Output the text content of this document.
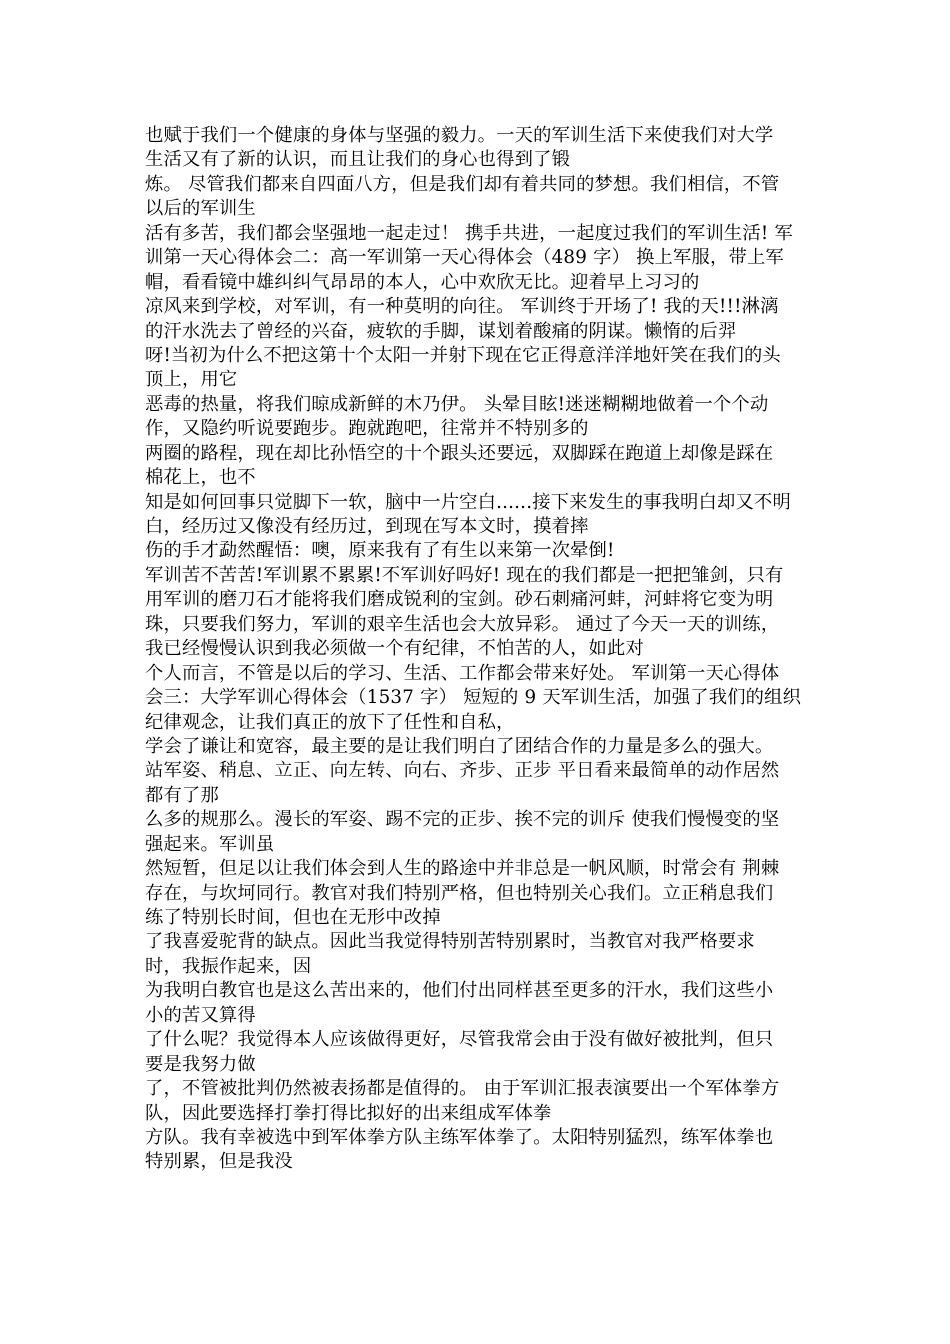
也赋于我们一个健康的身体与坚强的毅力。一天的军训生活下来使我们对大学
生活又有了新的认识，而且让我们的身心也得到了锻
炼。 尽管我们都来自四面八方，但是我们却有着共同的梦想。我们相信，不管
以后的军训生
活有多苦，我们都会坚强地一起走过！ 携手共进，一起度过我们的军训生活! 军
训第一天心得体会二：高一军训第一天心得体会（489 字） 换上军服，带上军
帽，看看镜中雄纠纠气昂昂的本人，心中欢欣无比。迎着早上习习的
凉风来到学校，对军训，有一种莫明的向往。 军训终于开场了! 我的天!!!淋漓
的汗水洗去了曾经的兴奋，疲软的手脚，谋划着酸痛的阴谋。懒惰的后羿
呀!当初为什么不把这第十个太阳一并射下现在它正得意洋洋地奸笑在我们的头
顶上，用它
恶毒的热量，将我们晾成新鲜的木乃伊。 头晕目眩!迷迷糊糊地做着一个个动
作，又隐约听说要跑步。跑就跑吧，往常并不特别多的
两圈的路程，现在却比孙悟空的十个跟头还要远，双脚踩在跑道上却像是踩在
棉花上，也不
知是如何回事只觉脚下一软，脑中一片空白......接下来发生的事我明白却又不明
白，经历过又像没有经历过，到现在写本文时，摸着摔
伤的手才勐然醒悟：噢，原来我有了有生以来第一次晕倒!
军训苦不苦苦!军训累不累累!不军训好吗好! 现在的我们都是一把把雏剑，只有
用军训的磨刀石才能将我们磨成锐利的宝剑。砂石刺痛河蚌，河蚌将它变为明
珠，只要我们努力，军训的艰辛生活也会大放异彩。 通过了今天一天的训练，
我已经慢慢认识到我必须做一个有纪律，不怕苦的人，如此对
个人而言，不管是以后的学习、生活、工作都会带来好处。 军训第一天心得体
会三：大学军训心得体会（1537 字） 短短的 9 天军训生活，加强了我们的组织
纪律观念，让我们真正的放下了任性和自私，
学会了谦让和宽容，最主要的是让我们明白了团结合作的力量是多么的强大。
站军姿、稍息、立正、向左转、向右、齐步、正步 平日看来最简单的动作居然
都有了那
么多的规那么。漫长的军姿、踢不完的正步、挨不完的训斥 使我们慢慢变的坚
强起来。军训虽
然短暂，但足以让我们体会到人生的路途中并非总是一帆风顺，时常会有 荆棘
存在，与坎坷同行。教官对我们特别严格，但也特别关心我们。立正稍息我们
练了特别长时间，但也在无形中改掉
了我喜爱驼背的缺点。因此当我觉得特别苦特别累时，当教官对我严格要求
时，我振作起来，因
为我明白教官也是这么苦出来的，他们付出同样甚至更多的汗水，我们这些小
小的苦又算得
了什么呢？我觉得本人应该做得更好，尽管我常会由于没有做好被批判，但只
要是我努力做
了，不管被批判仍然被表扬都是值得的。 由于军训汇报表演要出一个军体拳方
队，因此要选择打拳打得比拟好的出来组成军体拳
方队。我有幸被选中到军体拳方队主练军体拳了。太阳特别猛烈，练军体拳也
特别累，但是我没
